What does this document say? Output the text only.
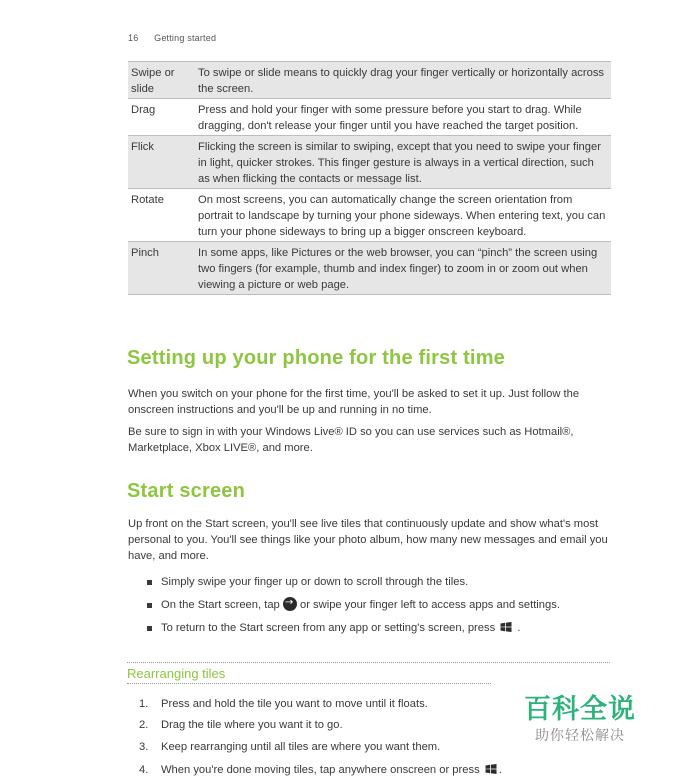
16 Getting started
Swipe or slide	To swipe or slide means to quickly drag your finger vertically or horizontally across the screen.
Drag	Press and hold your finger with some pressure before you start to drag. While dragging, don't release your finger until you have reached the target position.
Flick	Flicking the screen is similar to swiping, except that you need to swipe your finger in light, quicker strokes. This finger gesture is always in a vertical direction, such as when flicking the contacts or message list.
Rotate	On most screens, you can automatically change the screen orientation from portrait to landscape by turning your phone sideways. When entering text, you can turn your phone sideways to bring up a bigger onscreen keyboard.
Pinch	In some apps, like Pictures or the web browser, you can “pinch” the screen using two fingers (for example, thumb and index finger) to zoom in or zoom out when viewing a picture or web page.
Setting up your phone for the first time

When you switch on your phone for the first time, you'll be asked to set it up. Just follow the onscreen instructions and you'll be up and running in no time.

Be sure to sign in with your Windows Live® ID so you can use services such as Hotmail®, Marketplace, Xbox LIVE®, and more.

Start screen

Up front on the Start screen, you'll see live tiles that continuously update and show what's most personal to you. You'll see things like your photo album, how many new messages and email you have, and more.

Simply swipe your finger up or down to scroll through the tiles.
On the Start screen, tap → or swipe your finger left to access apps and settings.
To return to the Start screen from any app or setting's screen, press .
Rearranging tiles
1. Press and hold the tile you want to move until it floats.
2. Drag the tile where you want it to go.
3. Keep rearranging until all tiles are where you want them.
4. When you're done moving tiles, tap anywhere onscreen or press .
百科全说
助你轻松解决
